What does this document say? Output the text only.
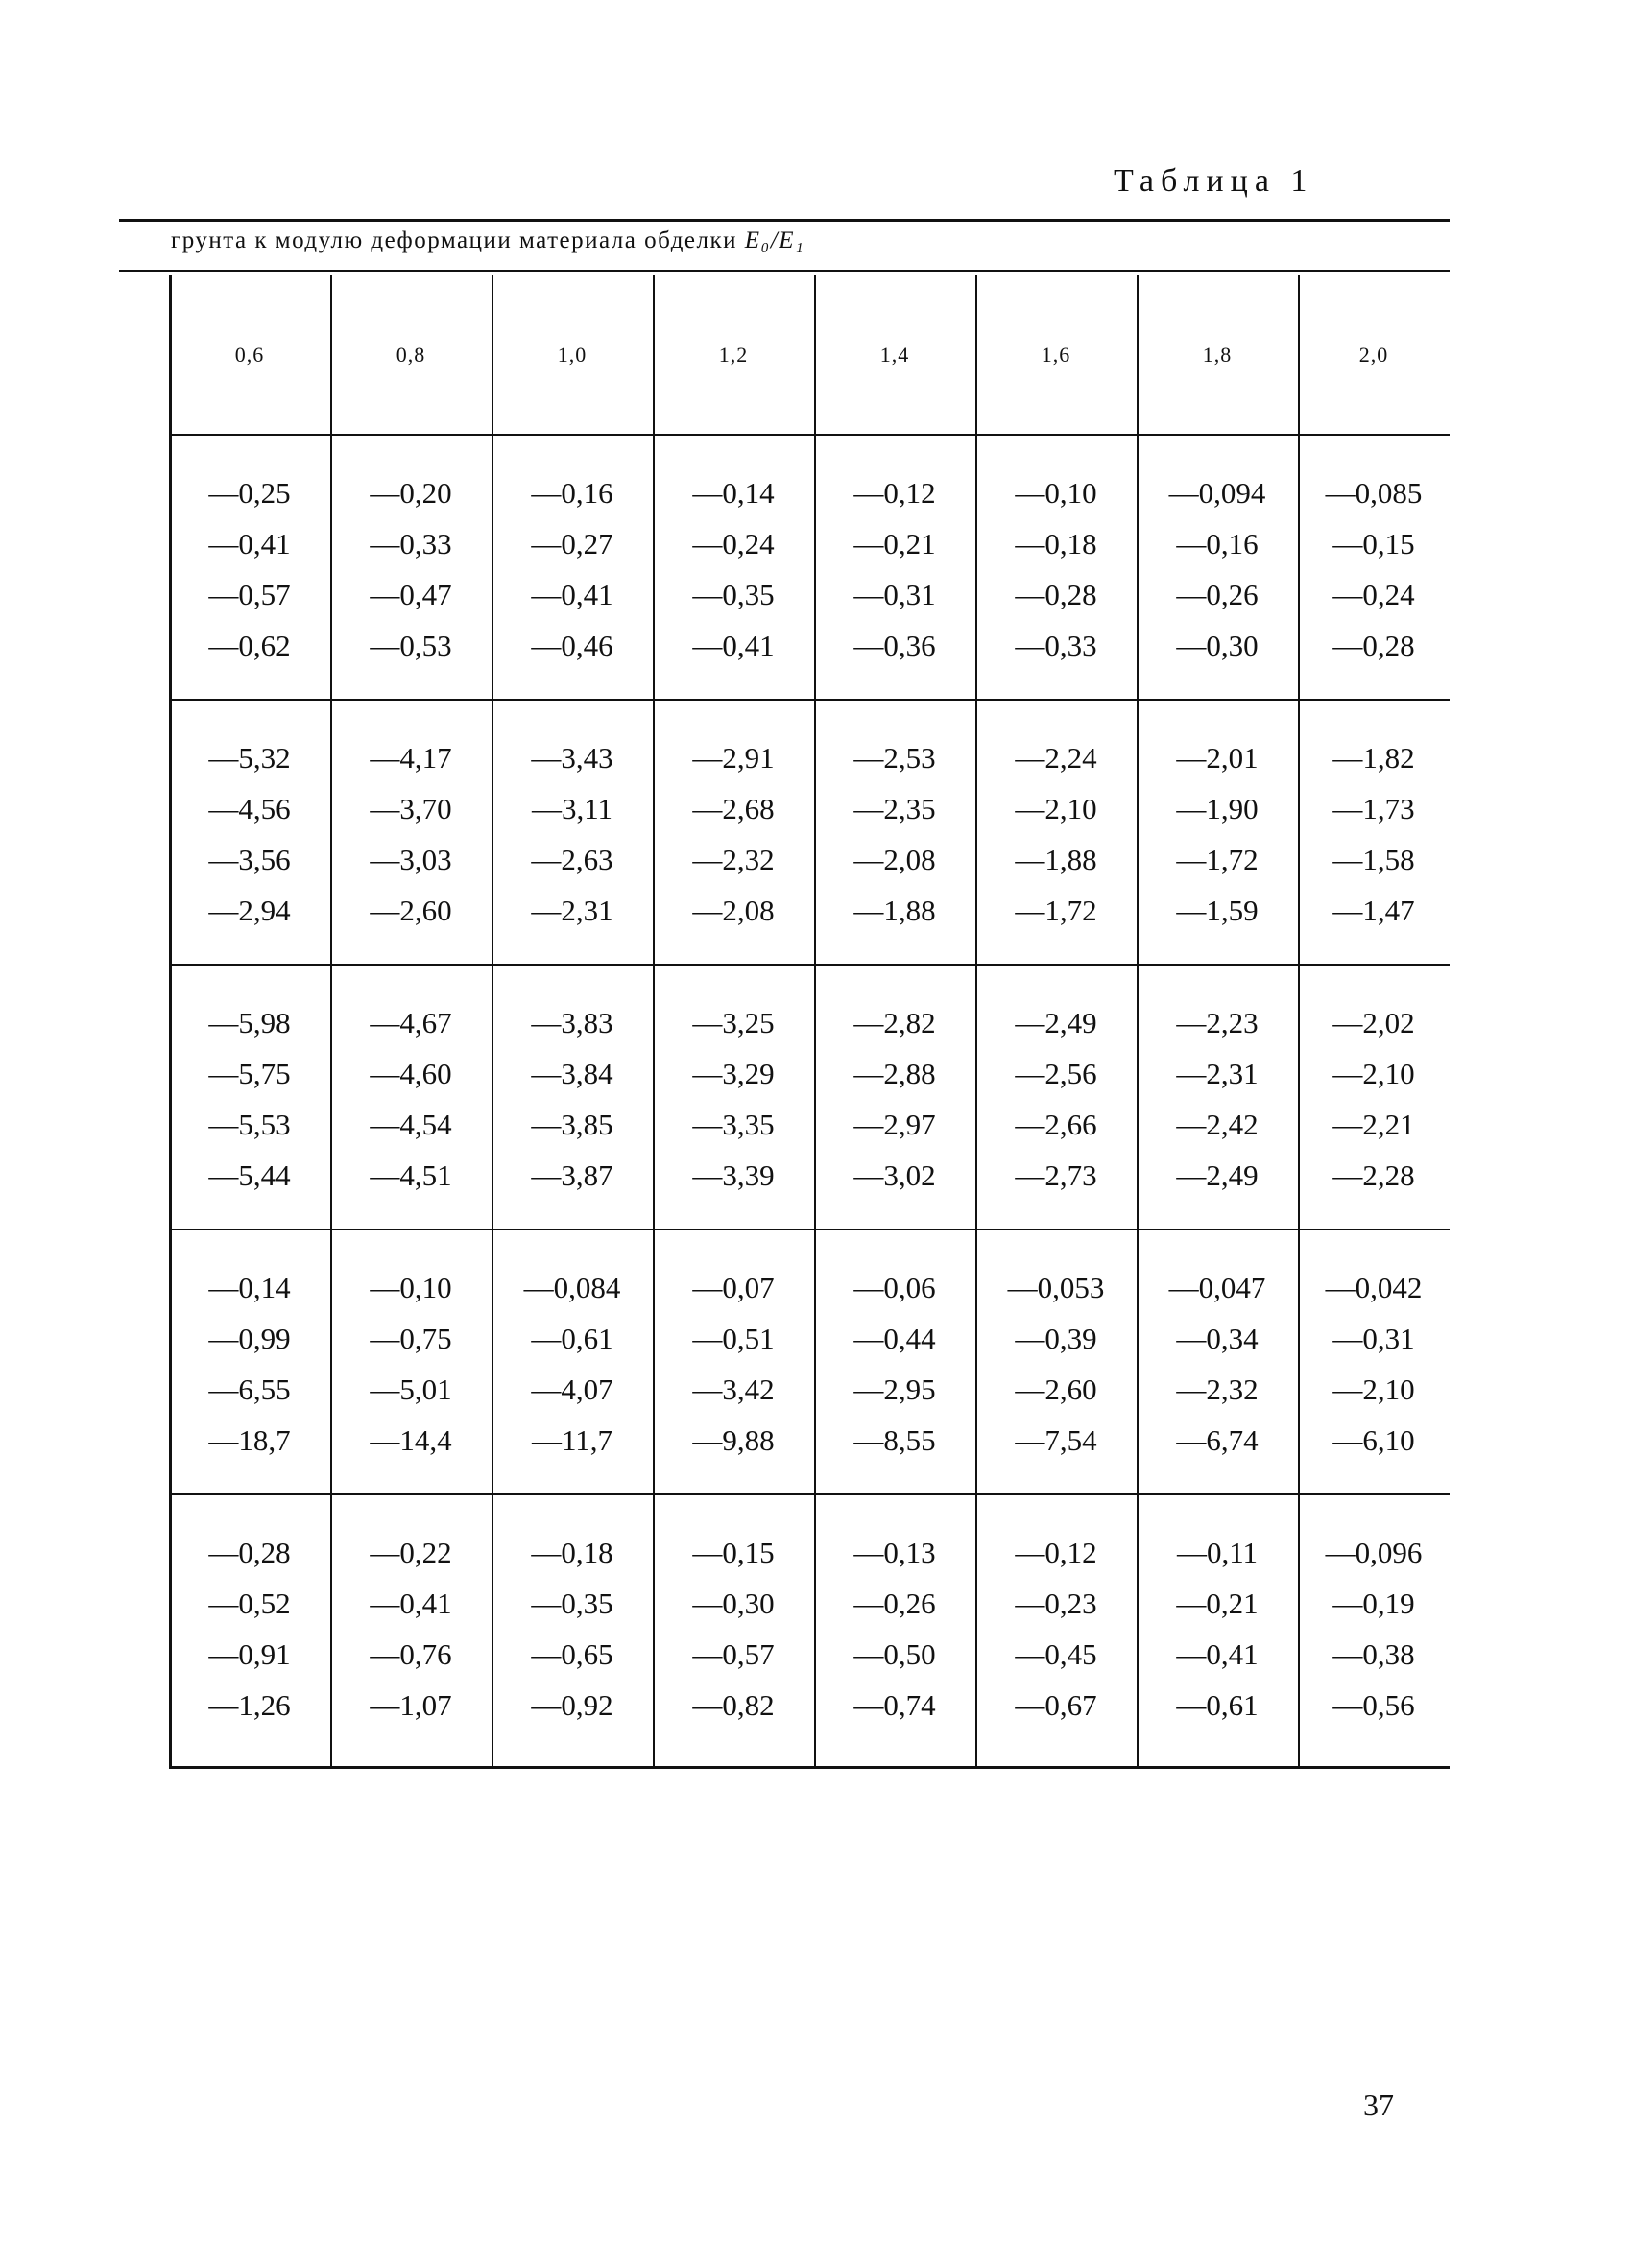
Таблица 1
грунта к модулю деформации материала обделки E₀/E₁
0,6	0,8	1,0	1,2	1,4	1,6	1,8	2,0
—0,25	—0,20	—0,16	—0,14	—0,12	—0,10	—0,094	—0,085
—0,41	—0,33	—0,27	—0,24	—0,21	—0,18	—0,16	—0,15
—0,57	—0,47	—0,41	—0,35	—0,31	—0,28	—0,26	—0,24
—0,62	—0,53	—0,46	—0,41	—0,36	—0,33	—0,30	—0,28
—5,32	—4,17	—3,43	—2,91	—2,53	—2,24	—2,01	—1,82
—4,56	—3,70	—3,11	—2,68	—2,35	—2,10	—1,90	—1,73
—3,56	—3,03	—2,63	—2,32	—2,08	—1,88	—1,72	—1,58
—2,94	—2,60	—2,31	—2,08	—1,88	—1,72	—1,59	—1,47
—5,98	—4,67	—3,83	—3,25	—2,82	—2,49	—2,23	—2,02
—5,75	—4,60	—3,84	—3,29	—2,88	—2,56	—2,31	—2,10
—5,53	—4,54	—3,85	—3,35	—2,97	—2,66	—2,42	—2,21
—5,44	—4,51	—3,87	—3,39	—3,02	—2,73	—2,49	—2,28
—0,14	—0,10	—0,084	—0,07	—0,06	—0,053	—0,047	—0,042
—0,99	—0,75	—0,61	—0,51	—0,44	—0,39	—0,34	—0,31
—6,55	—5,01	—4,07	—3,42	—2,95	—2,60	—2,32	—2,10
—18,7	—14,4	—11,7	—9,88	—8,55	—7,54	—6,74	—6,10
—0,28	—0,22	—0,18	—0,15	—0,13	—0,12	—0,11	—0,096
—0,52	—0,41	—0,35	—0,30	—0,26	—0,23	—0,21	—0,19
—0,91	—0,76	—0,65	—0,57	—0,50	—0,45	—0,41	—0,38
—1,26	—1,07	—0,92	—0,82	—0,74	—0,67	—0,61	—0,56
37
